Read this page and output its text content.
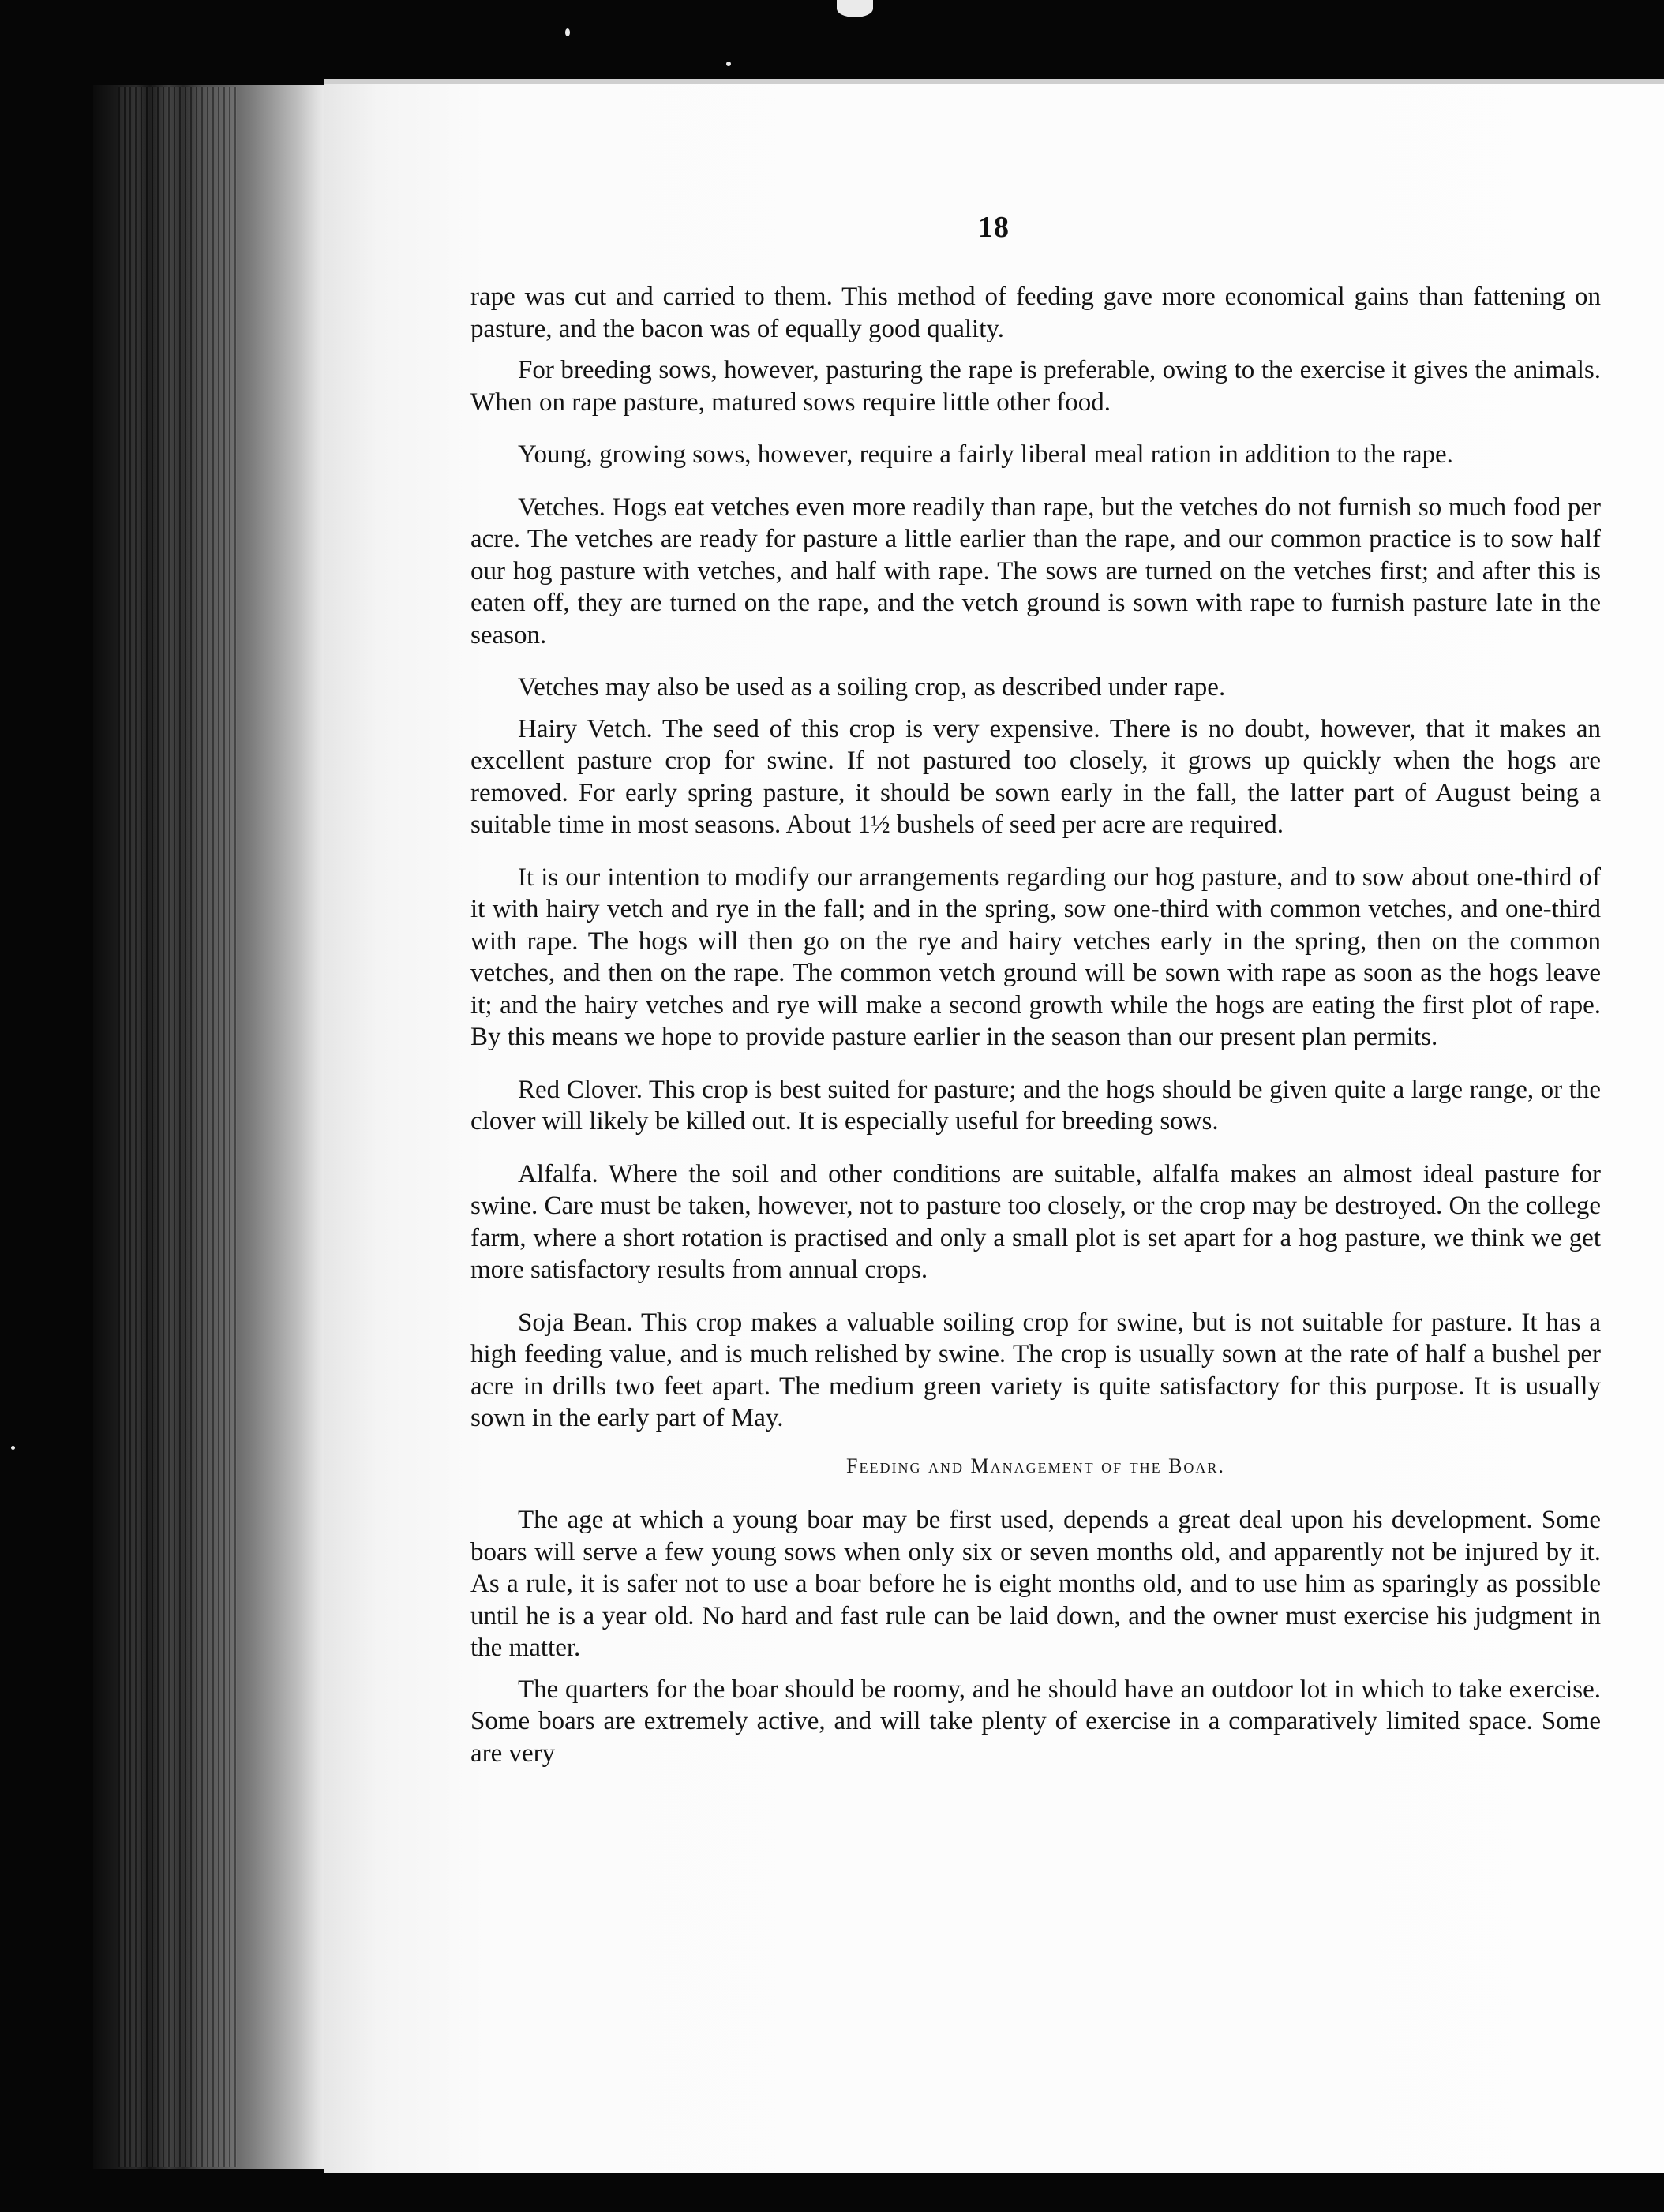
18

rape was cut and carried to them. This method of feeding gave more economical gains than fattening on pasture, and the bacon was of equally good quality.

For breeding sows, however, pasturing the rape is preferable, owing to the exercise it gives the animals. When on rape pasture, matured sows require little other food.

Young, growing sows, however, require a fairly liberal meal ration in addition to the rape.

Vetches. Hogs eat vetches even more readily than rape, but the vetches do not furnish so much food per acre. The vetches are ready for pasture a little earlier than the rape, and our common practice is to sow half our hog pasture with vetches, and half with rape. The sows are turned on the vetches first; and after this is eaten off, they are turned on the rape, and the vetch ground is sown with rape to furnish pasture late in the season.

Vetches may also be used as a soiling crop, as described under rape.

Hairy Vetch. The seed of this crop is very expensive. There is no doubt, however, that it makes an excellent pasture crop for swine. If not pastured too closely, it grows up quickly when the hogs are removed. For early spring pasture, it should be sown early in the fall, the latter part of August being a suitable time in most seasons. About 1½ bushels of seed per acre are required.

It is our intention to modify our arrangements regarding our hog pasture, and to sow about one-third of it with hairy vetch and rye in the fall; and in the spring, sow one-third with common vetches, and one-third with rape. The hogs will then go on the rye and hairy vetches early in the spring, then on the common vetches, and then on the rape. The common vetch ground will be sown with rape as soon as the hogs leave it; and the hairy vetches and rye will make a second growth while the hogs are eating the first plot of rape. By this means we hope to provide pasture earlier in the season than our present plan permits.

Red Clover. This crop is best suited for pasture; and the hogs should be given quite a large range, or the clover will likely be killed out. It is especially useful for breeding sows.

Alfalfa. Where the soil and other conditions are suitable, alfalfa makes an almost ideal pasture for swine. Care must be taken, however, not to pasture too closely, or the crop may be destroyed. On the college farm, where a short rotation is practised and only a small plot is set apart for a hog pasture, we think we get more satisfactory results from annual crops.

Soja Bean. This crop makes a valuable soiling crop for swine, but is not suitable for pasture. It has a high feeding value, and is much relished by swine. The crop is usually sown at the rate of half a bushel per acre in drills two feet apart. The medium green variety is quite satisfactory for this purpose. It is usually sown in the early part of May.

Feeding and Management of the Boar.

The age at which a young boar may be first used, depends a great deal upon his development. Some boars will serve a few young sows when only six or seven months old, and apparently not be injured by it. As a rule, it is safer not to use a boar before he is eight months old, and to use him as sparingly as possible until he is a year old. No hard and fast rule can be laid down, and the owner must exercise his judgment in the matter.

The quarters for the boar should be roomy, and he should have an outdoor lot in which to take exercise. Some boars are extremely active, and will take plenty of exercise in a comparatively limited space. Some are very
